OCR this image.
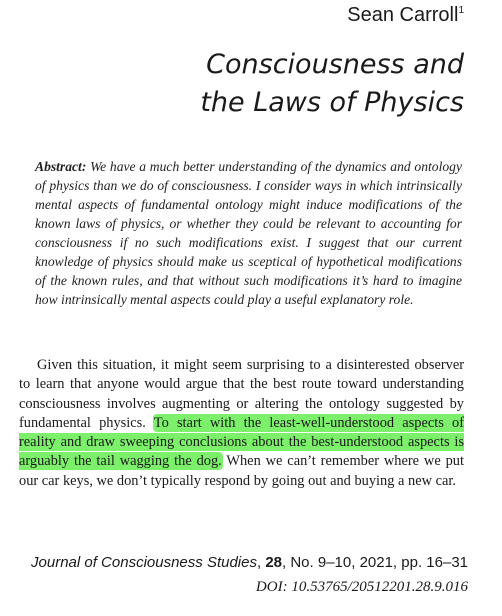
Sean Carroll$^1$
Consciousness and
the Laws of Physics
Abstract: We have a much better understanding of the dynamics and ontology of physics than we do of consciousness. I consider ways in which intrinsically mental aspects of fundamental ontology might induce modifications of the known laws of physics, or whether they could be relevant to accounting for consciousness if no such modifications exist. I suggest that our current knowledge of physics should make us sceptical of hypothetical modifications of the known rules, and that without such modifications it’s hard to imagine how intrinsically mental aspects could play a useful explanatory role.
Given this situation, it might seem surprising to a disinterested observer to learn that anyone would argue that the best route toward understanding consciousness involves augmenting or altering the ontology suggested by fundamental physics. To start with the least-well-understood aspects of reality and draw sweeping conclusions about the best-understood aspects is arguably the tail wagging the dog. When we can’t remember where we put our car keys, we don’t typically respond by going out and buying a new car.
Journal of Consciousness Studies, 28, No. 9–10, 2021, pp. 16–31
DOI: 10.53765/20512201.28.9.016
